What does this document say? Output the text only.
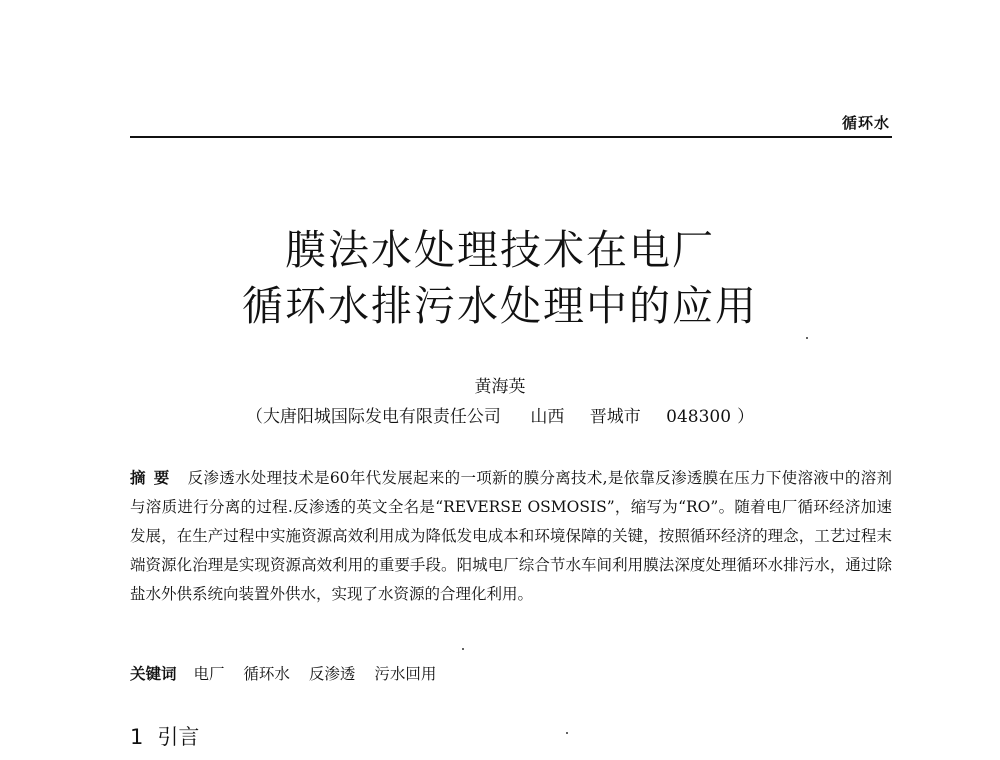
循环水
膜法水处理技术在电厂
循环水排污水处理中的应用
黄海英
（大唐阳城国际发电有限责任公司 山西 晋城市 048300 ）
摘要 反渗透水处理技术是60年代发展起来的一项新的膜分离技术,是依靠反渗透膜在压力下使溶液中的溶剂与溶质进行分离的过程.反渗透的英文全名是“REVERSE OSMOSIS”，缩写为“RO”。随着电厂循环经济加速发展，在生产过程中实施资源高效利用成为降低发电成本和环境保障的关键，按照循环经济的理念，工艺过程末端资源化治理是实现资源高效利用的重要手段。阳城电厂综合节水车间利用膜法深度处理循环水排污水，通过除盐水外供系统向装置外供水，实现了水资源的合理化利用。
关键词 电厂 循环水 反渗透 污水回用
1 引言
